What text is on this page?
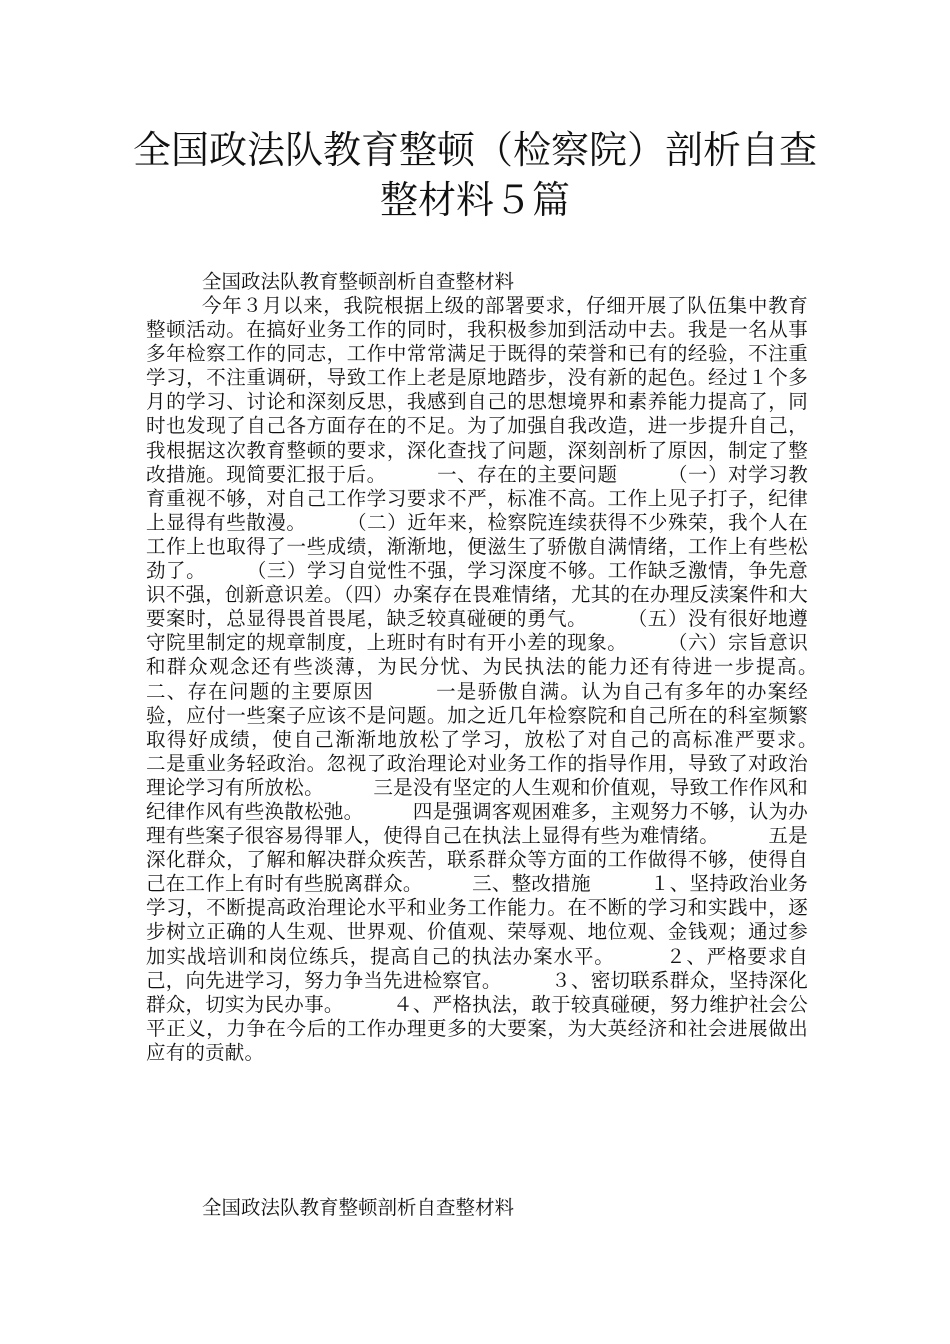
全国政法队教育整顿（检察院）剖析自查
整材料５篇

全国政法队教育整顿剖析自查整材料

今年３月以来，我院根据上级的部署要求，仔细开展了队伍集中教育整顿活动。在搞好业务工作的同时，我积极参加到活动中去。我是一名从事多年检察工作的同志，工作中常常满足于既得的荣誉和已有的经验，不注重学习，不注重调研，导致工作上老是原地踏步，没有新的起色。经过１个多月的学习、讨论和深刻反思，我感到自己的思想境界和素养能力提高了，同时也发现了自己各方面存在的不足。为了加强自我改造，进一步提升自己，我根据这次教育整顿的要求，深化查找了问题，深刻剖析了原因，制定了整改措施。现简要汇报于后。　　　一、存在的主要问题　　　（一）对学习教育重视不够，对自己工作学习要求不严，标准不高。工作上见子打子，纪律上显得有些散漫。　　　（二）近年来，检察院连续获得不少殊荣，我个人在工作上也取得了一些成绩，渐渐地，便滋生了骄傲自满情绪，工作上有些松劲了。　　　（三）学习自觉性不强，学习深度不够。工作缺乏激情，争先意识不强，创新意识差。（四）办案存在畏难情绪，尤其的在办理反渎案件和大要案时，总显得畏首畏尾，缺乏较真碰硬的勇气。　　　（五）没有很好地遵守院里制定的规章制度，上班时有时有开小差的现象。　　　（六）宗旨意识和群众观念还有些淡薄，为民分忧、为民执法的能力还有待进一步提高。　　　二、存在问题的主要原因　　　一是骄傲自满。认为自己有多年的办案经验，应付一些案子应该不是问题。加之近几年检察院和自己所在的科室频繁取得好成绩，使自己渐渐地放松了学习，放松了对自己的高标准严要求。　　　二是重业务轻政治。忽视了政治理论对业务工作的指导作用，导致了对政治理论学习有所放松。　　　三是没有坚定的人生观和价值观，导致工作作风和纪律作风有些涣散松弛。　　　四是强调客观困难多，主观努力不够，认为办理有些案子很容易得罪人，使得自己在执法上显得有些为难情绪。　　　五是深化群众，了解和解决群众疾苦，联系群众等方面的工作做得不够，使得自己在工作上有时有些脱离群众。　　　三、整改措施　　　１、坚持政治业务学习，不断提高政治理论水平和业务工作能力。在不断的学习和实践中，逐步树立正确的人生观、世界观、价值观、荣辱观、地位观、金钱观；通过参加实战培训和岗位练兵，提高自己的执法办案水平。　　　２、严格要求自己，向先进学习，努力争当先进检察官。　　　３、密切联系群众，坚持深化群众，切实为民办事。　　　４、严格执法，敢于较真碰硬，努力维护社会公平正义，力争在今后的工作办理更多的大要案，为大英经济和社会进展做出应有的贡献。

全国政法队教育整顿剖析自查整材料
